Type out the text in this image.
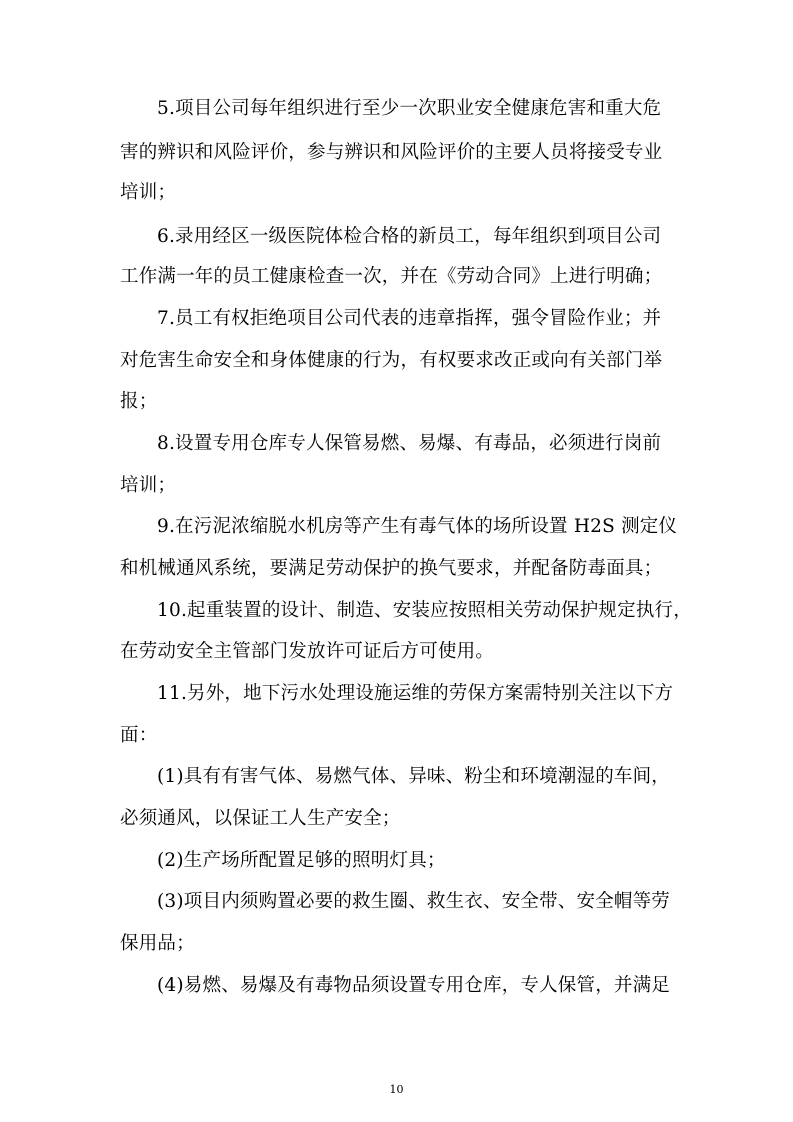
5.项目公司每年组织进行至少一次职业安全健康危害和重大危
害的辨识和风险评价，参与辨识和风险评价的主要人员将接受专业
培训；
6.录用经区一级医院体检合格的新员工，每年组织到项目公司
工作满一年的员工健康检查一次，并在《劳动合同》上进行明确；
7.员工有权拒绝项目公司代表的违章指挥，强令冒险作业；并
对危害生命安全和身体健康的行为，有权要求改正或向有关部门举
报；
8.设置专用仓库专人保管易燃、易爆、有毒品，必须进行岗前
培训；
9.在污泥浓缩脱水机房等产生有毒气体的场所设置 H2S 测定仪
和机械通风系统，要满足劳动保护的换气要求，并配备防毒面具；
10.起重装置的设计、制造、安装应按照相关劳动保护规定执行，
在劳动安全主管部门发放许可证后方可使用。
11.另外，地下污水处理设施运维的劳保方案需特别关注以下方
面：
(1)具有有害气体、易燃气体、异味、粉尘和环境潮湿的车间，
必须通风，以保证工人生产安全；
(2)生产场所配置足够的照明灯具；
(3)项目内须购置必要的救生圈、救生衣、安全带、安全帽等劳
保用品；
(4)易燃、易爆及有毒物品须设置专用仓库，专人保管，并满足
10
